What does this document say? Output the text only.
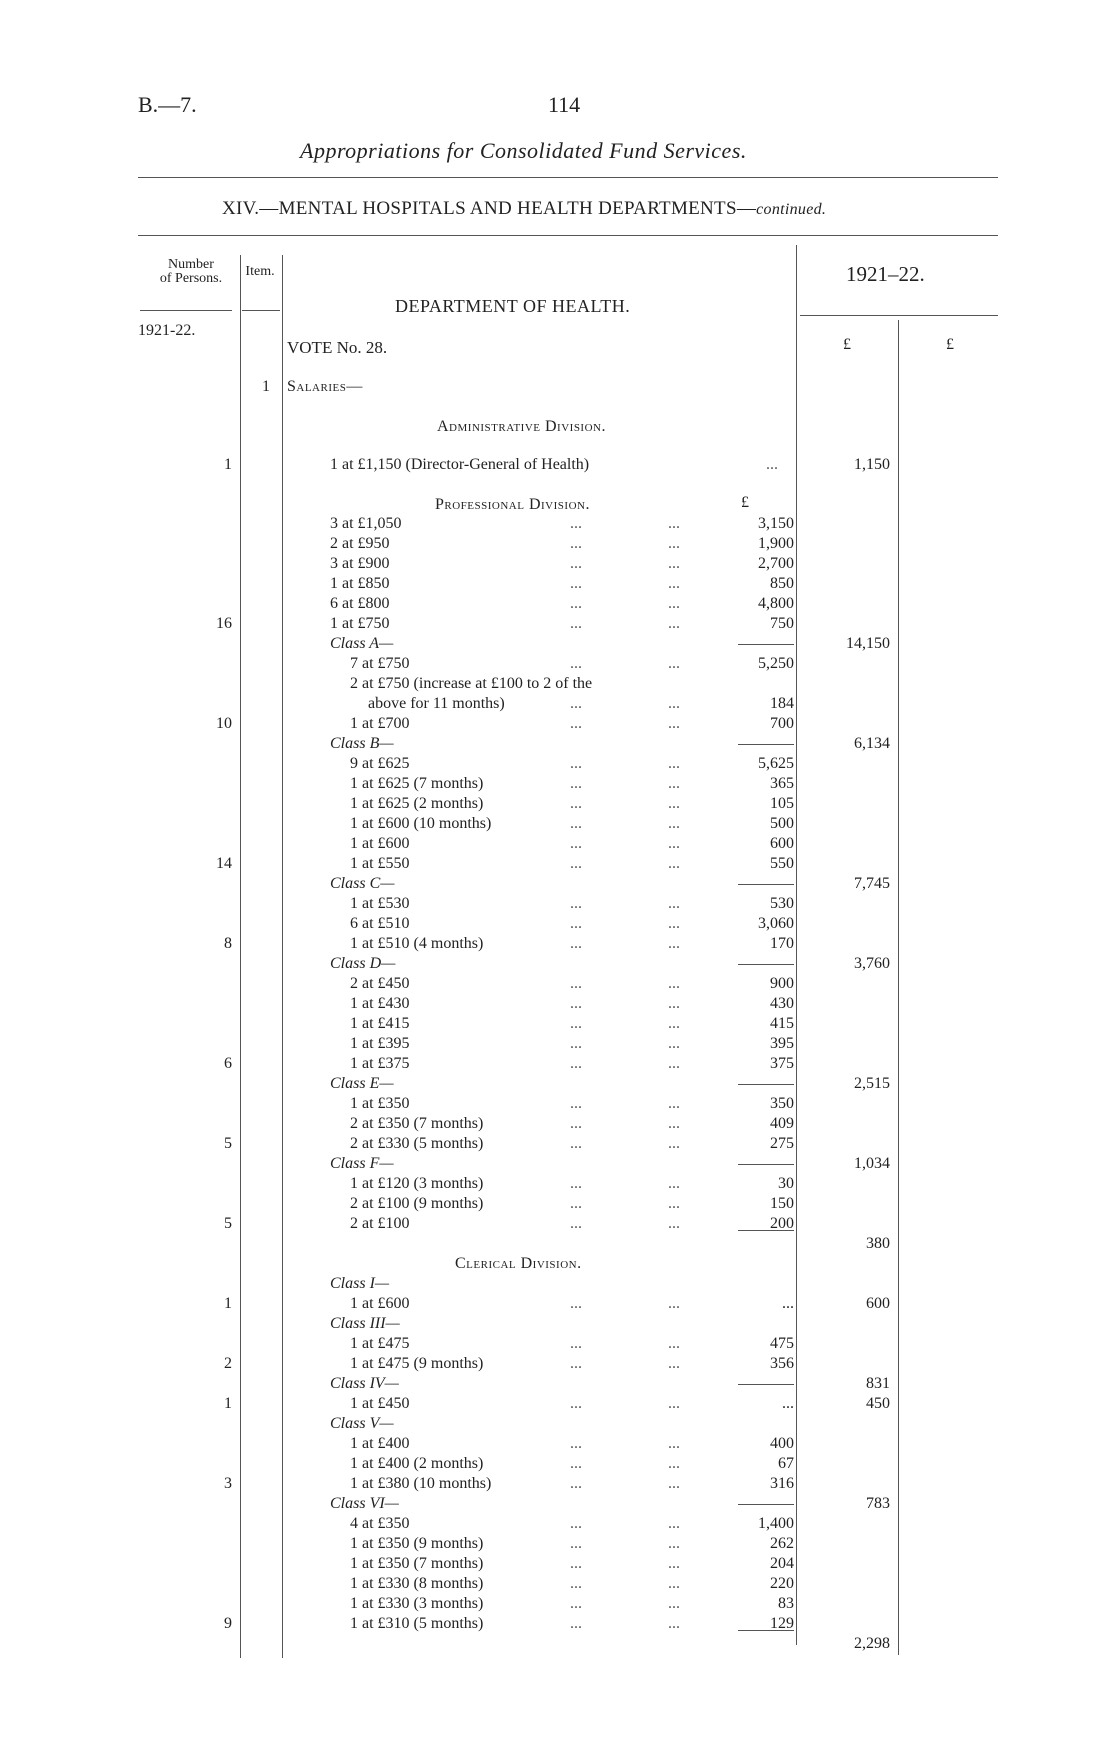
B.—7.	114
Appropriations for Consolidated Fund Services.
XIV.—MENTAL HOSPITALS AND HEALTH DEPARTMENTS—continued.
Number
of Persons.	Item.	1921–22.
DEPARTMENT OF HEALTH.
1921-22.
£	£
VOTE No. 28.
1 Salaries—
Administrative Division.
1	1 at £1,150 (Director-General of Health)	...	1,150
Professional Division.	£
3 at £1,050	...	...	3,150
2 at £950	...	...	1,900
3 at £900	...	...	2,700
1 at £850	...	...	850
6 at £800	...	...	4,800
16	1 at £750	...	...	750
Class A—	14,150
7 at £750	...	...	5,250
2 at £750 (increase at £100 to 2 of the
above for 11 months)	...	...	184
10	1 at £700	...	...	700
Class B—	6,134
9 at £625	...	...	5,625
1 at £625 (7 months)	...	...	365
1 at £625 (2 months)	...	...	105
1 at £600 (10 months)	...	...	500
1 at £600	...	...	600
14	1 at £550	...	...	550
Class C—	7,745
1 at £530	...	...	530
6 at £510	...	...	3,060
8	1 at £510 (4 months)	...	...	170
Class D—	3,760
2 at £450	...	...	900
1 at £430	...	...	430
1 at £415	...	...	415
1 at £395	...	...	395
6	1 at £375	...	...	375
Class E—	2,515
1 at £350	...	...	350
2 at £350 (7 months)	...	...	409
5	2 at £330 (5 months)	...	...	275
Class F—	1,034
1 at £120 (3 months)	...	...	30
2 at £100 (9 months)	...	...	150
5	2 at £100	...	...	200
380
Clerical Division.
Class I—
1	1 at £600	...	...	...	600
Class III—
1 at £475	...	...	475
2	1 at £475 (9 months)	...	...	356
Class IV—	831
1	1 at £450	...	...	...	450
Class V—
1 at £400	...	...	400
1 at £400 (2 months)	...	...	67
3	1 at £380 (10 months)	...	...	316
Class VI—	783
4 at £350	...	...	1,400
1 at £350 (9 months)	...	...	262
1 at £350 (7 months)	...	...	204
1 at £330 (8 months)	...	...	220
1 at £330 (3 months)	...	...	83
9	1 at £310 (5 months)	...	...	129
2,298
